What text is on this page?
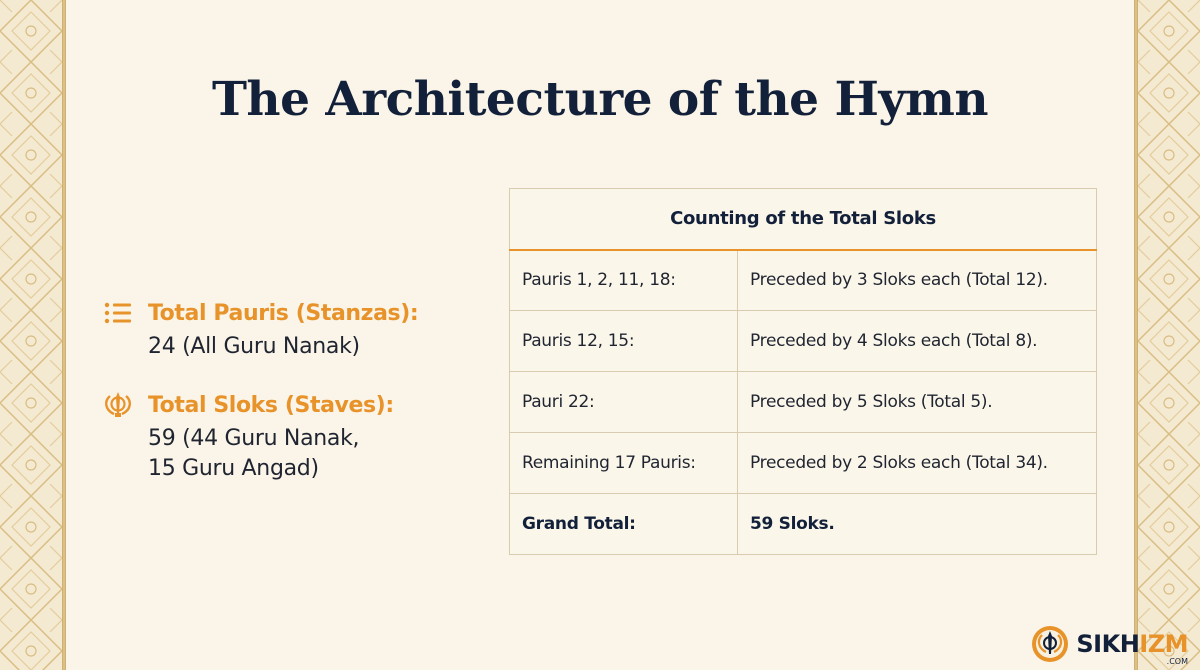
The Architecture of the Hymn
Total Pauris (Stanzas):
24 (All Guru Nanak)
Total Sloks (Staves):
59 (44 Guru Nanak,
15 Guru Angad)
Counting of the Total Sloks	
Pauris 1, 2, 11, 18:	Preceded by 3 Sloks each (Total 12).
Pauris 12, 15:	Preceded by 4 Sloks each (Total 8).
Pauri 22:	Preceded by 5 Sloks (Total 5).
Remaining 17 Pauris:	Preceded by 2 Sloks each (Total 34).
Grand Total:	59 Sloks.
SIKHIZM
.COM
